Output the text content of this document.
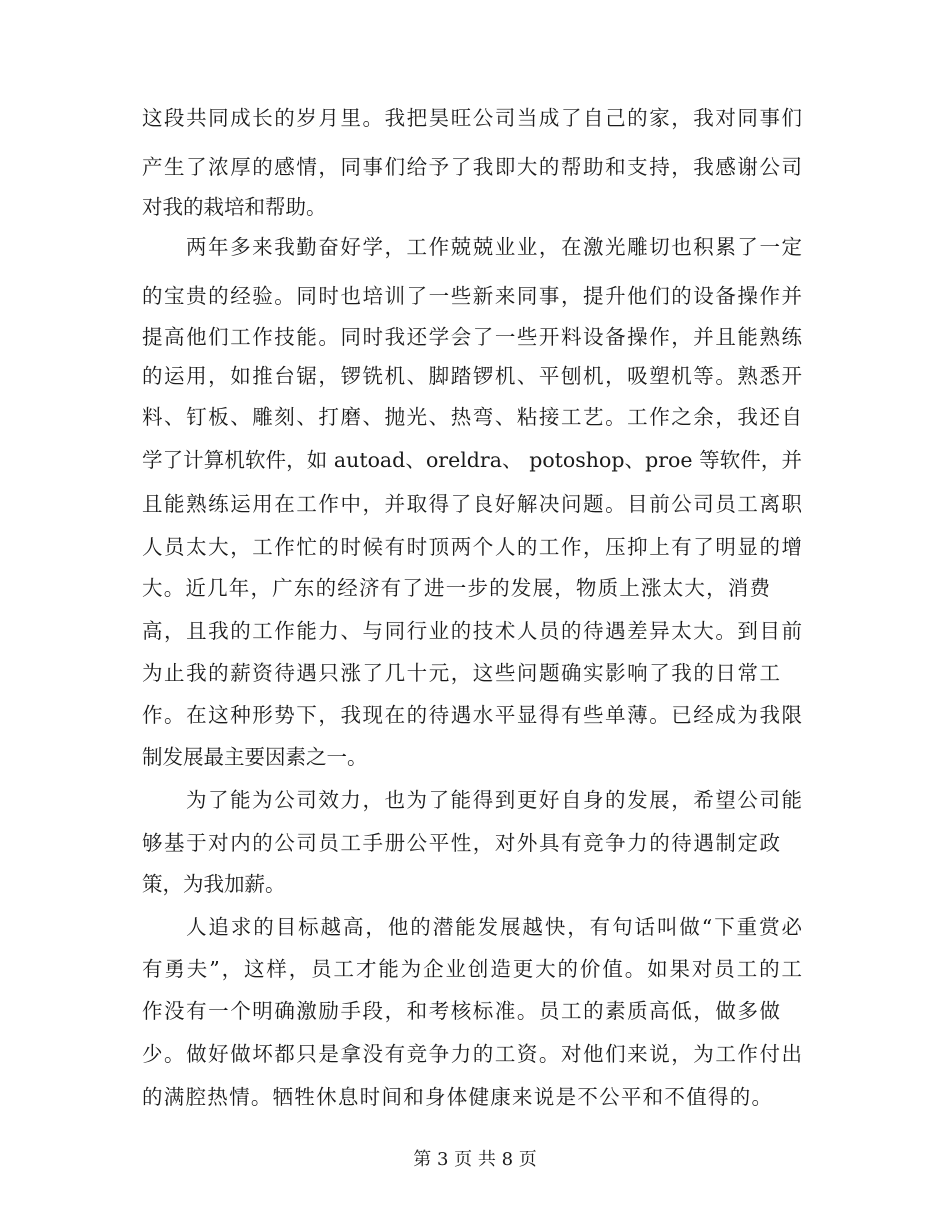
这段共同成长的岁月里。我把昊旺公司当成了自己的家，我对同事们
产生了浓厚的感情，同事们给予了我即大的帮助和支持，我感谢公司
对我的栽培和帮助。
两年多来我勤奋好学，工作兢兢业业，在激光雕切也积累了一定
的宝贵的经验。同时也培训了一些新来同事，提升他们的设备操作并
提高他们工作技能。同时我还学会了一些开料设备操作，并且能熟练
的运用，如推台锯，锣铣机、脚踏锣机、平刨机，吸塑机等。熟悉开
料、钉板、雕刻、打磨、抛光、热弯、粘接工艺。工作之余，我还自
学了计算机软件，如 autoad、oreldra、 potoshop、proe 等软件，并
且能熟练运用在工作中，并取得了良好解决问题。目前公司员工离职
人员太大，工作忙的时候有时顶两个人的工作，压抑上有了明显的增
大。近几年，广东的经济有了进一步的发展，物质上涨太大，消费
高，且我的工作能力、与同行业的技术人员的待遇差异太大。到目前
为止我的薪资待遇只涨了几十元，这些问题确实影响了我的日常工
作。在这种形势下，我现在的待遇水平显得有些单薄。已经成为我限
制发展最主要因素之一。
为了能为公司效力，也为了能得到更好自身的发展，希望公司能
够基于对内的公司员工手册公平性，对外具有竞争力的待遇制定政
策，为我加薪。
人追求的目标越高，他的潜能发展越快，有句话叫做“下重赏必
有勇夫”，这样，员工才能为企业创造更大的价值。如果对员工的工
作没有一个明确激励手段，和考核标准。员工的素质高低，做多做
少。做好做坏都只是拿没有竞争力的工资。对他们来说，为工作付出
的满腔热情。牺牲休息时间和身体健康来说是不公平和不值得的。
第 3 页 共 8 页
